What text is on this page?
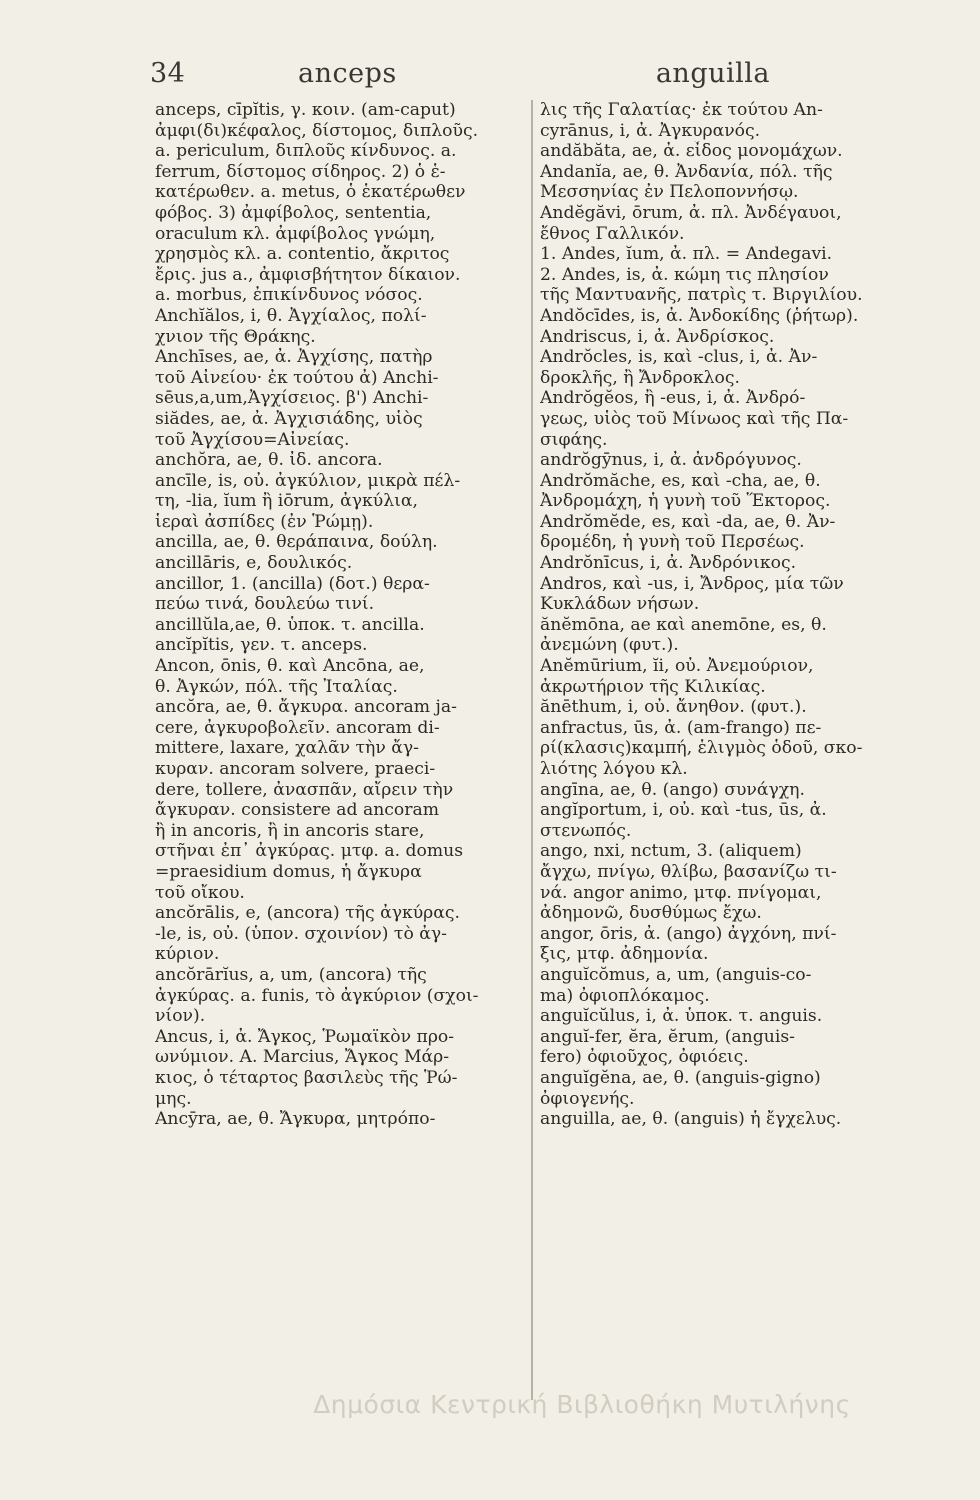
34	anceps	anguilla
anceps, cīpĭtis, γ. κοιν. (am-caput)
ἀμφι(δι)κέφαλος, δίστομος, διπλοῦς.
a. periculum, διπλοῦς κίνδυνος. a.
ferrum, δίστομος σίδηρος. 2) ὁ ἑ-
κατέρωθεν. a. metus, ὁ ἑκατέρωθεν
φόβος. 3) ἀμφίβολος, sententia,
oraculum κλ. ἀμφίβολος γνώμη,
χρησμὸς κλ. a. contentio, ἄκριτος
ἔρις. jus a., ἀμφισβήτητον δίκαιον.
a. morbus, ἐπικίνδυνος νόσος.
Anchĭălos, i, θ. Ἀγχίαλος, πολί-
χνιον τῆς Θράκης.
Anchīses, ae, ἀ. Ἀγχίσης, πατὴρ
τοῦ Αἰνείου· ἐκ τούτου ἀ) Anchi-
sēus,a,um,Ἀγχίσειος. β') Anchi-
siădes, ae, ἀ. Ἀγχισιάδης, υἱὸς
τοῦ Ἀγχίσου=Αἰνείας.
anchŏra, ae, θ. ἰδ. ancora.
ancīle, is, οὐ. ἀγκύλιον, μικρὰ πέλ-
τη, -lia, ĭum ἢ iōrum, ἀγκύλια,
ἱεραὶ ἀσπίδες (ἐν Ῥώμῃ).
ancilla, ae, θ. θεράπαινα, δούλη.
ancillāris, e, δουλικός.
ancillor, 1. (ancilla) (δοτ.) θερα-
πεύω τινά, δουλεύω τινί.
ancillŭla,ae, θ. ὑποκ. τ. ancilla.
ancĭpĭtis, γεν. τ. anceps.
Ancon, ōnis, θ. καὶ Ancōna, ae,
θ. Ἀγκών, πόλ. τῆς Ἰταλίας.
ancŏra, ae, θ. ἄγκυρα. ancoram ja-
cere, ἀγκυροβολεῖν. ancoram di-
mittere, laxare, χαλᾶν τὴν ἄγ-
κυραν. ancoram solvere, praeci-
dere, tollere, ἀνασπᾶν, αἴρειν τὴν
ἄγκυραν. consistere ad ancoram
ἢ in ancoris, ἢ in ancoris stare,
στῆναι ἐπ᾽ ἀγκύρας. μτφ. a. domus
=praesidium domus, ἡ ἄγκυρα
τοῦ οἴκου.
ancŏrālis, e, (ancora) τῆς ἀγκύρας.
-le, is, οὐ. (ὑπον. σχοινίον) τὸ ἀγ-
κύριον.
ancŏrārĭus, a, um, (ancora) τῆς
ἀγκύρας. a. funis, τὸ ἀγκύριον (σχοι-
νίον).
Ancus, i, ἀ. Ἄγκος, Ῥωμαϊκὸν προ-
ωνύμιον. A. Marcius, Ἄγκος Μάρ-
κιος, ὁ τέταρτος βασιλεὺς τῆς Ῥώ-
μης.
Ancȳra, ae, θ. Ἄγκυρα, μητρόπο-
λις τῆς Γαλατίας· ἐκ τούτου An-
cyrānus, i, ἀ. Ἀγκυρανός.
andăbăta, ae, ἀ. εἶδος μονομάχων.
Andanĭa, ae, θ. Ἀνδανία, πόλ. τῆς
Μεσσηνίας ἐν Πελοποννήσῳ.
Andĕgăvi, ōrum, ἀ. πλ. Ἀνδέγαυοι,
ἔθνος Γαλλικόν.
1. Andes, ĭum, ἀ. πλ. = Andegavi.
2. Andes, is, ἀ. κώμη τις πλησίον
τῆς Μαντυανῆς, πατρὶς τ. Βιργιλίου.
Andŏcīdes, is, ἀ. Ἀνδοκίδης (ῥήτωρ).
Andriscus, i, ἀ. Ἀνδρίσκος.
Andrŏcles, is, καὶ -clus, i, ἀ. Ἀν-
δροκλῆς, ἢ Ἄνδροκλος.
Andrŏgĕos, ἢ -eus, i, ἀ. Ἀνδρό-
γεως, υἱὸς τοῦ Μίνωος καὶ τῆς Πα-
σιφάης.
andrŏgȳnus, i, ἀ. ἀνδρόγυνος.
Andrŏmăche, es, καὶ -cha, ae, θ.
Ἀνδρομάχη, ἡ γυνὴ τοῦ Ἕκτορος.
Andrŏmĕde, es, καὶ -da, ae, θ. Ἀν-
δρομέδη, ἡ γυνὴ τοῦ Περσέως.
Andrŏnīcus, i, ἀ. Ἀνδρόνικος.
Andros, καὶ -us, i, Ἄνδρος, μία τῶν
Κυκλάδων νήσων.
ănĕmōna, ae καὶ anemōne, es, θ.
ἀνεμώνη (φυτ.).
Anĕmūrium, ĭi, οὐ. Ἀνεμούριον,
ἀκρωτήριον τῆς Κιλικίας.
ănēthum, i, οὐ. ἄνηθον. (φυτ.).
anfractus, ūs, ἀ. (am-frango) πε-
ρί(κλασις)καμπή, ἑλιγμὸς ὁδοῦ, σκο-
λιότης λόγου κλ.
angīna, ae, θ. (ango) συνάγχη.
angĭportum, i, οὐ. καὶ -tus, ūs, ἀ.
στενωπός.
ango, nxi, nctum, 3. (aliquem)
ἄγχω, πνίγω, θλίβω, βασανίζω τι-
νά. angor animo, μτφ. πνίγομαι,
ἀδημονῶ, δυσθύμως ἔχω.
angor, ōris, ἀ. (ango) ἀγχόνη, πνί-
ξις, μτφ. ἀδημονία.
anguĭcŏmus, a, um, (anguis-co-
ma) ὀφιοπλόκαμος.
anguĭcŭlus, i, ἀ. ὑποκ. τ. anguis.
anguĭ-fer, ĕra, ĕrum, (anguis-
fero) ὀφιοῦχος, ὀφιόεις.
anguĭgĕna, ae, θ. (anguis-gigno)
ὀφιογενής.
anguilla, ae, θ. (anguis) ἡ ἔγχελυς.
Δημόσια Κεντρική Βιβλιοθήκη Μυτιλήνης
